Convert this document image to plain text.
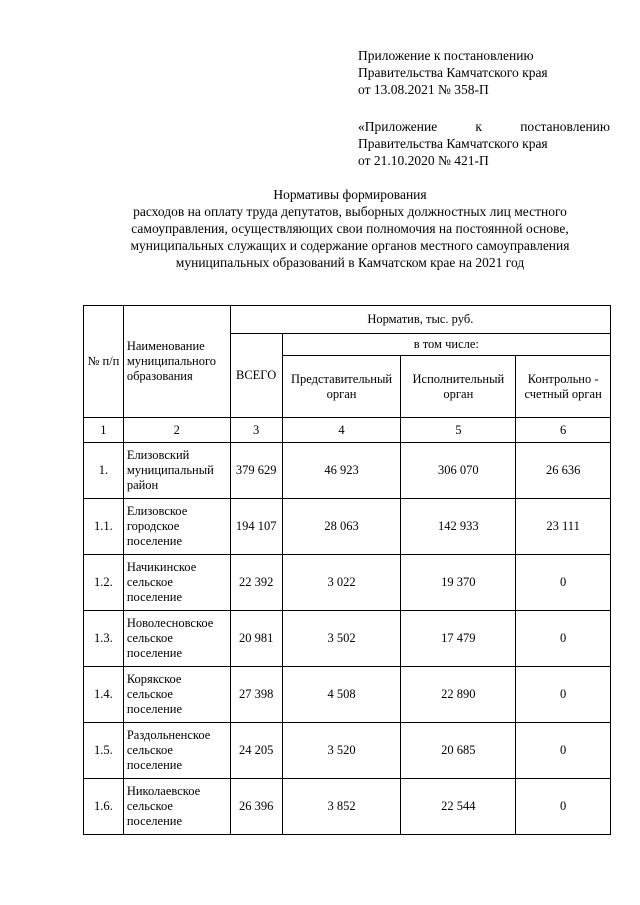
Приложение к постановлению
Правительства Камчатского края
от 13.08.2021 № 358-П
«Приложение	к	постановлению
Правительства Камчатского края
от 21.10.2020 № 421-П
Нормативы формирования
расходов на оплату труда депутатов, выборных должностных лиц местного
самоуправления, осуществляющих свои полномочия на постоянной основе,
муниципальных служащих и содержание органов местного самоуправления
муниципальных образований в Камчатском крае на 2021 год
№ п/п	Наименование муниципального образования	Норматив, тыс. руб.			
		ВСЕГО	в том числе:		
			Представительный орган	Исполнительный орган	Контрольно - счетный орган
1	2	3	4	5	6
1.	Елизовский муниципальный район	379 629	46 923	306 070	26 636
1.1.	Елизовское городское поселение	194 107	28 063	142 933	23 111
1.2.	Начикинское сельское поселение	22 392	3 022	19 370	0
1.3.	Новолесновское сельское поселение	20 981	3 502	17 479	0
1.4.	Корякское сельское поселение	27 398	4 508	22 890	0
1.5.	Раздольненское сельское поселение	24 205	3 520	20 685	0
1.6.	Николаевское сельское поселение	26 396	3 852	22 544	0
